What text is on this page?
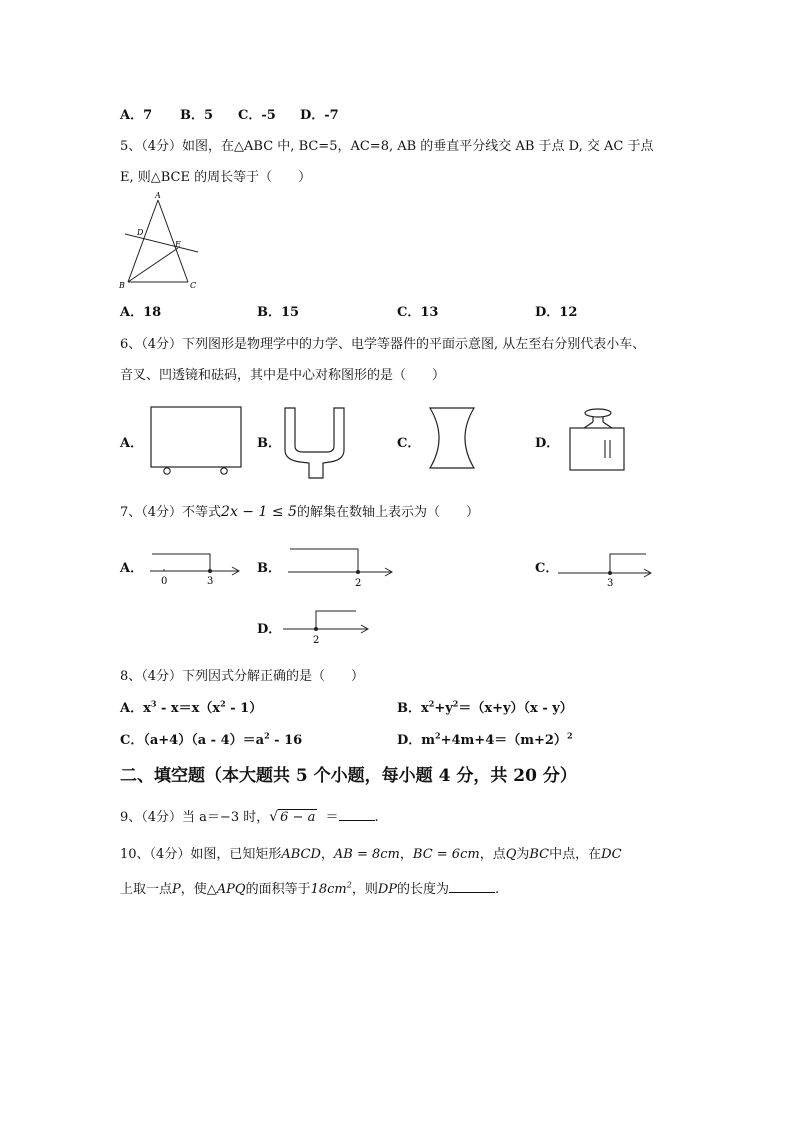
A．7 B．5 C．-5 D．-7
5、（4分）如图，在△ABC 中, BC=5，AC=8, AB 的垂直平分线交 AB 于点 D, 交 AC 于点
E, 则△BCE 的周长等于（　　）
A
B	C
D
E
A．18	B．15	C．13	D．12
6、（4分）下列图形是物理学中的力学、电学等器件的平面示意图, 从左至右分别代表小车、
音叉、凹透镜和砝码，其中是中心对称图形的是（　　）
A．	B．	C．	D．
7、（4分）不等式2x − 1 ≤ 5的解集在数轴上表示为（　　）
A．
0	3
B．
2
C．
3
D．
2
8、（4分）下列因式分解正确的是（　　）
A．$x^3 - x=x(x^2 - 1)$	B．$x^2+y^2=(x+y)(x - y)$
C．$(a+4)(a - 4)=a^2 - 16$	D．$m^2+4m+4=(m+2)^2$
二、填空题（本大题共 5 个小题，每小题 4 分，共 20 分）
9、（4分）当 a＝−3 时，√ 6 − a ＝	.
10、（4分）如图，已知矩形ABCD，AB = 8cm，BC = 6cm，点Q为BC中点，在DC
上取一点P，使△APQ的面积等于$18cm^2$，则DP的长度为	.
